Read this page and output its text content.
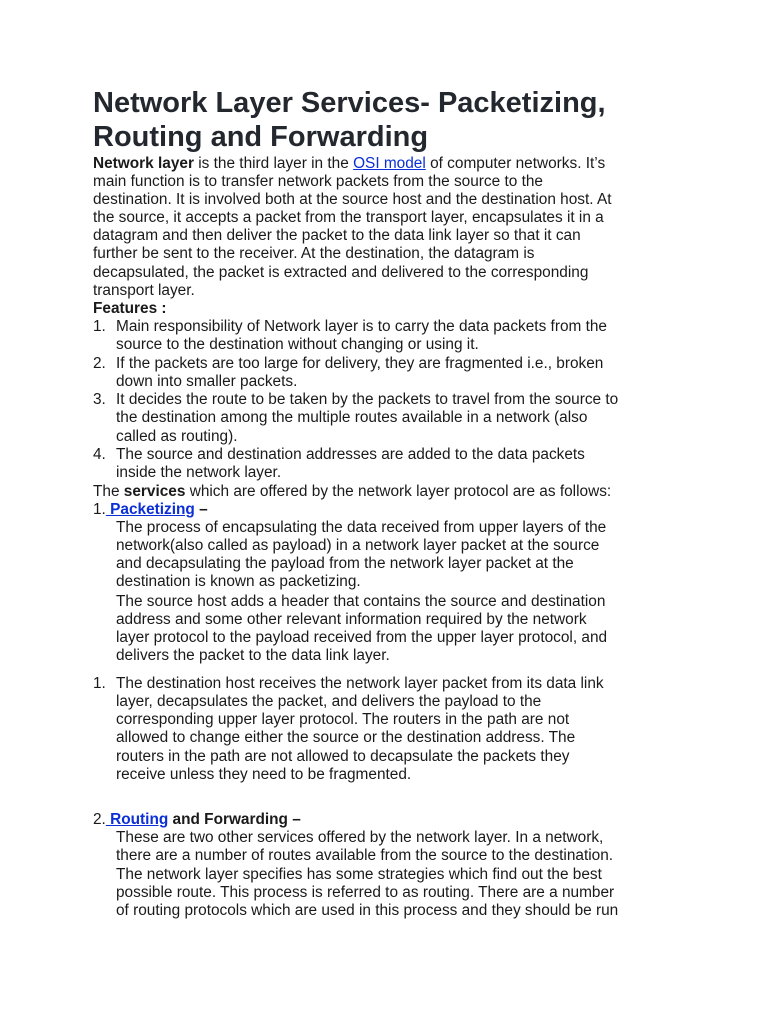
Network Layer Services- Packetizing,
Routing and Forwarding

Network layer is the third layer in the OSI model of computer networks. It’s

main function is to transfer network packets from the source to the

destination. It is involved both at the source host and the destination host. At

the source, it accepts a packet from the transport layer, encapsulates it in a

datagram and then deliver the packet to the data link layer so that it can

further be sent to the receiver. At the destination, the datagram is

decapsulated, the packet is extracted and delivered to the corresponding

transport layer.

Features :

1. Main responsibility of Network layer is to carry the data packets from the

source to the destination without changing or using it.

2. If the packets are too large for delivery, they are fragmented i.e., broken

down into smaller packets.

3. It decides the route to be taken by the packets to travel from the source to

the destination among the multiple routes available in a network (also

called as routing).

4. The source and destination addresses are added to the data packets

inside the network layer.

The services which are offered by the network layer protocol are as follows:

1. Packetizing –

The process of encapsulating the data received from upper layers of the

network(also called as payload) in a network layer packet at the source

and decapsulating the payload from the network layer packet at the

destination is known as packetizing.

The source host adds a header that contains the source and destination

address and some other relevant information required by the network

layer protocol to the payload received from the upper layer protocol, and

delivers the packet to the data link layer.

1. The destination host receives the network layer packet from its data link

layer, decapsulates the packet, and delivers the payload to the

corresponding upper layer protocol. The routers in the path are not

allowed to change either the source or the destination address. The

routers in the path are not allowed to decapsulate the packets they

receive unless they need to be fragmented.

2. Routing and Forwarding –

These are two other services offered by the network layer. In a network,

there are a number of routes available from the source to the destination.

The network layer specifies has some strategies which find out the best

possible route. This process is referred to as routing. There are a number

of routing protocols which are used in this process and they should be run
